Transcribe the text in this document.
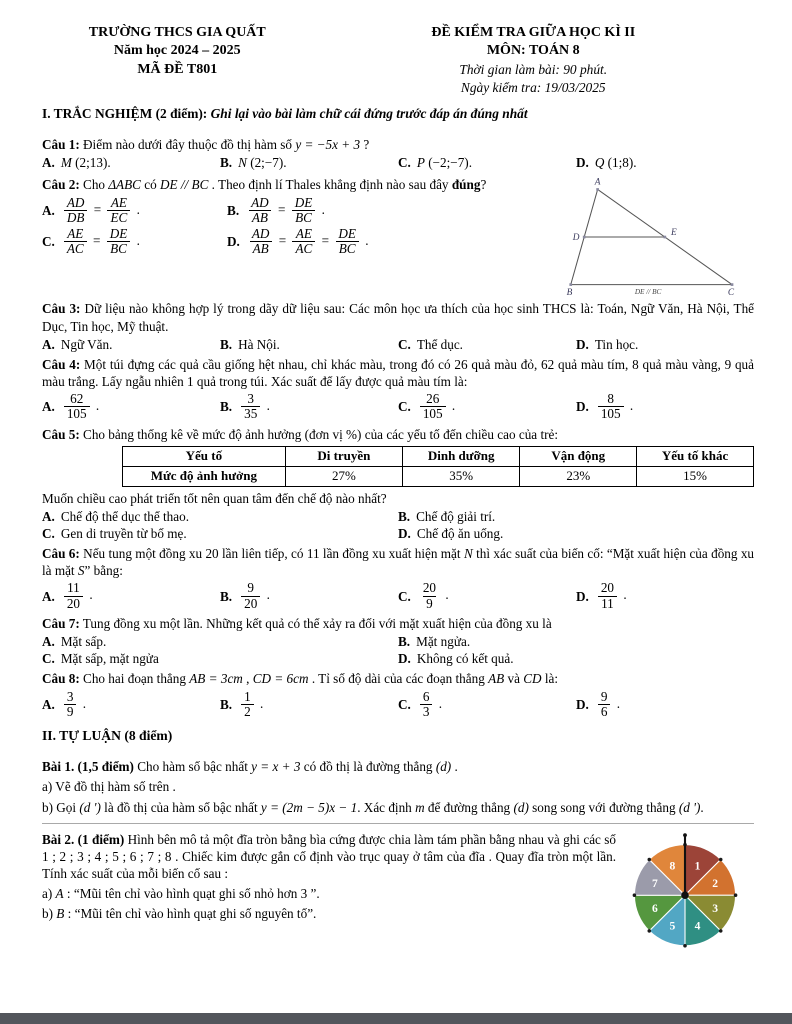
TRƯỜNG THCS GIA QUẤT
Năm học 2024 – 2025
MÃ ĐỀ T801
ĐỀ KIỂM TRA GIỮA HỌC KÌ II
MÔN: TOÁN 8
Thời gian làm bài: 90 phút.
Ngày kiểm tra: 19/03/2025

I. TRẮC NGHIỆM (2 điểm): Ghi lại vào bài làm chữ cái đứng trước đáp án đúng nhất

Câu 1: Điểm nào dưới đây thuộc đồ thị hàm số y = −5x + 3 ?

A. M (2;13).	B. N (2;−7).	C. P (−2;−7).	D. Q (1;8).

Câu 2: Cho ΔABC có DE // BC . Theo định lí Thales khẳng định nào sau đây đúng?

A. $\frac{AD}{DB} = \frac{AE}{EC}$ .	B. $\frac{AD}{AB} = \frac{DE}{BC}$ .
C. $\frac{AE}{AC} = \frac{DE}{BC}$ .	D. $\frac{AD}{AB} = \frac{AE}{AC} = \frac{DE}{BC}$ .
A
B	C
D
E
DE // BC

Câu 3: Dữ liệu nào không hợp lý trong dãy dữ liệu sau: Các môn học ưa thích của học sinh THCS là: Toán, Ngữ Văn, Hà Nội, Thể Dục, Tin học, Mỹ thuật.

A. Ngữ Văn.	B. Hà Nội.	C. Thể dục.	D. Tin học.

Câu 4: Một túi đựng các quả cầu giống hệt nhau, chỉ khác màu, trong đó có 26 quả màu đỏ, 62 quả màu tím, 8 quả màu vàng, 9 quả màu trắng. Lấy ngẫu nhiên 1 quả trong túi. Xác suất để lấy được quả màu tím là:

A. $\frac{62}{105}$ .	B. $\frac{3}{35}$ .	C. $\frac{26}{105}$ .	D. $\frac{8}{105}$ .

Câu 5: Cho bảng thống kê về mức độ ảnh hưởng (đơn vị %) của các yếu tố đến chiều cao của trẻ:

Yếu tố	Di truyền	Dinh dưỡng	Vận động	Yếu tố khác
Mức độ ảnh hưởng	27%	35%	23%	15%

Muốn chiều cao phát triển tốt nên quan tâm đến chế độ nào nhất?

A. Chế độ thể dục thể thao.	B. Chế độ giải trí.
C. Gen di truyền từ bố mẹ.	D. Chế độ ăn uống.

Câu 6: Nếu tung một đồng xu 20 lần liên tiếp, có 11 lần đồng xu xuất hiện mặt N thì xác suất của biến cố: “Mặt xuất hiện của đồng xu là mặt S” bằng:

A. $\frac{11}{20}$ .	B. $\frac{9}{20}$ .	C. $\frac{20}{9}$ .	D. $\frac{20}{11}$ .

Câu 7: Tung đồng xu một lần. Những kết quả có thể xảy ra đối với mặt xuất hiện của đồng xu là

A. Mặt sấp.	B. Mặt ngửa.
C. Mặt sấp, mặt ngửa	D. Không có kết quả.

Câu 8: Cho hai đoạn thẳng AB = 3cm , CD = 6cm . Tỉ số độ dài của các đoạn thẳng AB và CD là:

A. $\frac{3}{9}$ .	B. $\frac{1}{2}$ .	C. $\frac{6}{3}$ .	D. $\frac{9}{6}$ .

II. TỰ LUẬN (8 điểm)

Bài 1. (1,5 điểm) Cho hàm số bậc nhất y = x + 3 có đồ thị là đường thẳng (d) .

a) Vẽ đồ thị hàm số trên .

b) Gọi (d ') là đồ thị của hàm số bậc nhất y = (2m − 5)x − 1. Xác định m để đường thẳng (d) song song với đường thẳng (d ').

Bài 2. (1 điểm) Hình bên mô tả một đĩa tròn bằng bìa cứng được chia làm tám phần bằng nhau và ghi các số 1 ; 2 ; 3 ; 4 ; 5 ; 6 ; 7 ; 8 . Chiếc kim được gắn cố định vào trục quay ở tâm của đĩa . Quay đĩa tròn một lần. Tính xác suất của mỗi biến cố sau :

a) A : “Mũi tên chỉ vào hình quạt ghi số nhỏ hơn 3 ”.

b) B : “Mũi tên chỉ vào hình quạt ghi số nguyên tố”.

1
2
3
4
5
6
7
8
